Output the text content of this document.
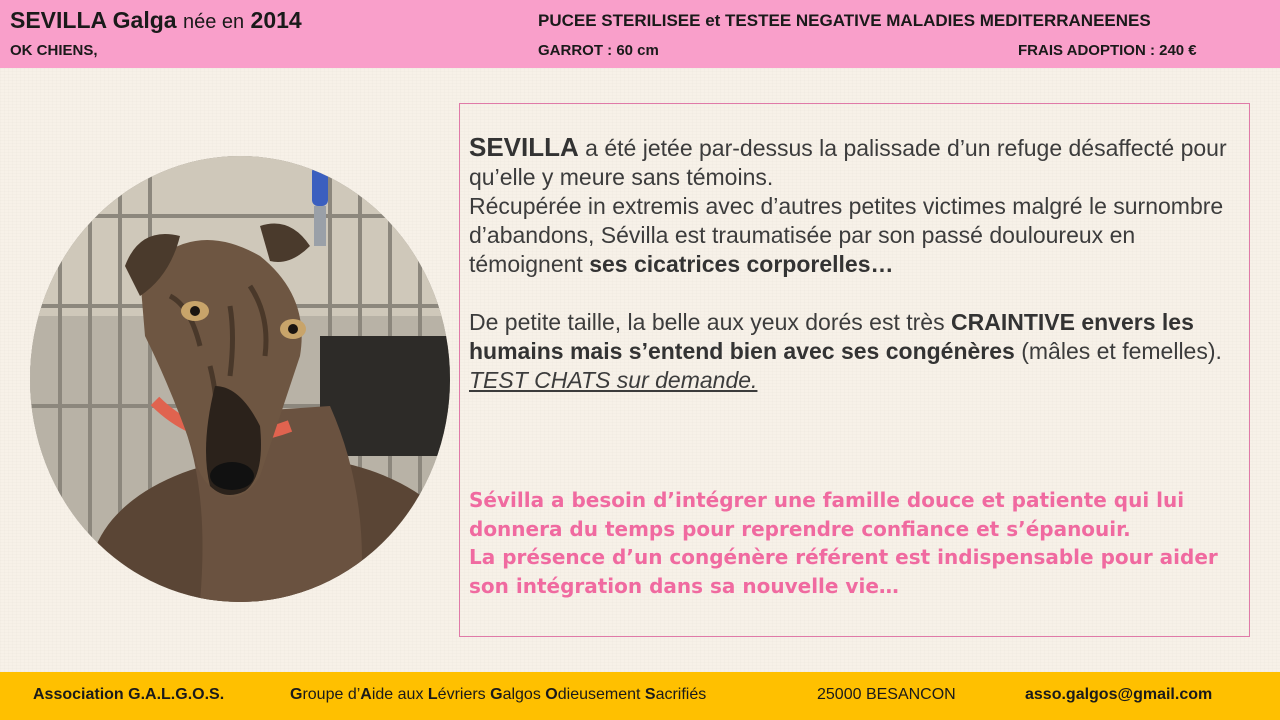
SEVILLA Galga née en 2014
OK CHIENS,
PUCEE STERILISEE et TESTEE NEGATIVE MALADIES MEDITERRANEENES
GARROT : 60 cm	FRAIS ADOPTION : 240 €

SEVILLA a été jetée par-dessus la palissade d’un refuge désaffecté pour qu’elle y meure sans témoins.

Récupérée in extremis avec d’autres petites victimes malgré le surnombre d’abandons, Sévilla est traumatisée par son passé douloureux en témoignent ses cicatrices corporelles…

De petite taille, la belle aux yeux dorés est très CRAINTIVE envers les humains mais s’entend bien avec ses congénères (mâles et femelles).

TEST CHATS sur demande.

Sévilla a besoin d’intégrer une famille douce et patiente qui lui donnera du temps pour reprendre confiance et s’épanouir.

La présence d’un congénère référent est indispensable pour aider son intégration dans sa nouvelle vie…

Association G.A.L.G.O.S.	Groupe d’Aide aux Lévriers Galgos Odieusement Sacrifiés	25000 BESANCON	asso.galgos@gmail.com
